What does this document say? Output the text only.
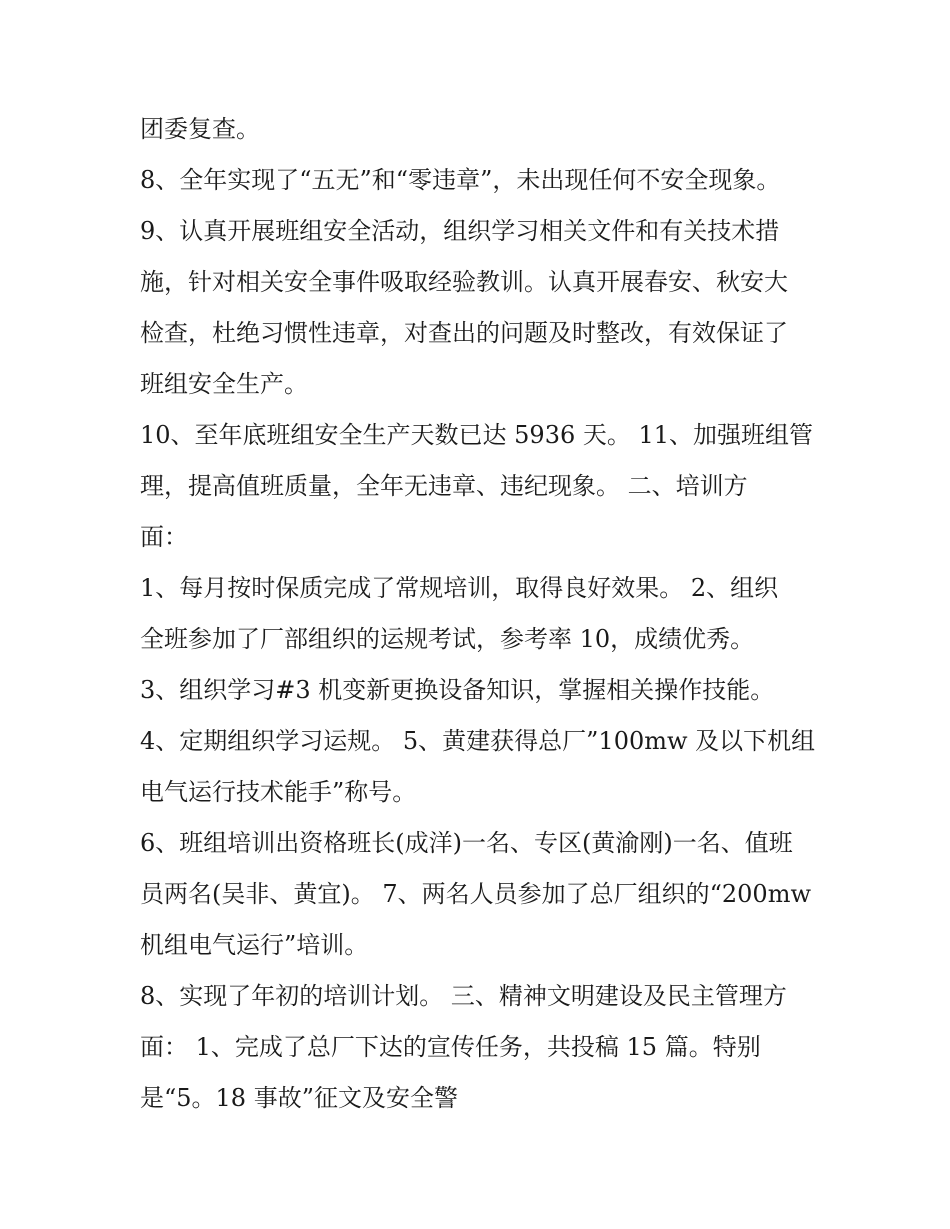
团委复查。
8、全年实现了“五无”和“零违章”，未出现任何不安全现象。
9、认真开展班组安全活动，组织学习相关文件和有关技术措
施，针对相关安全事件吸取经验教训。认真开展春安、秋安大
检查，杜绝习惯性违章，对查出的问题及时整改，有效保证了
班组安全生产。
10、至年底班组安全生产天数已达 5936 天。 11、加强班组管
理，提高值班质量，全年无违章、违纪现象。 二、培训方
面：
1、每月按时保质完成了常规培训，取得良好效果。 2、组织
全班参加了厂部组织的运规考试，参考率 10，成绩优秀。
3、组织学习#3 机变新更换设备知识，掌握相关操作技能。
4、定期组织学习运规。 5、黄建获得总厂”100mw 及以下机组
电气运行技术能手”称号。
6、班组培训出资格班长(成洋)一名、专区(黄渝刚)一名、值班
员两名(吴非、黄宜)。 7、两名人员参加了总厂组织的“200mw
机组电气运行”培训。
8、实现了年初的培训计划。 三、精神文明建设及民主管理方
面： 1、完成了总厂下达的宣传任务，共投稿 15 篇。特别
是“5。18 事故”征文及安全警
